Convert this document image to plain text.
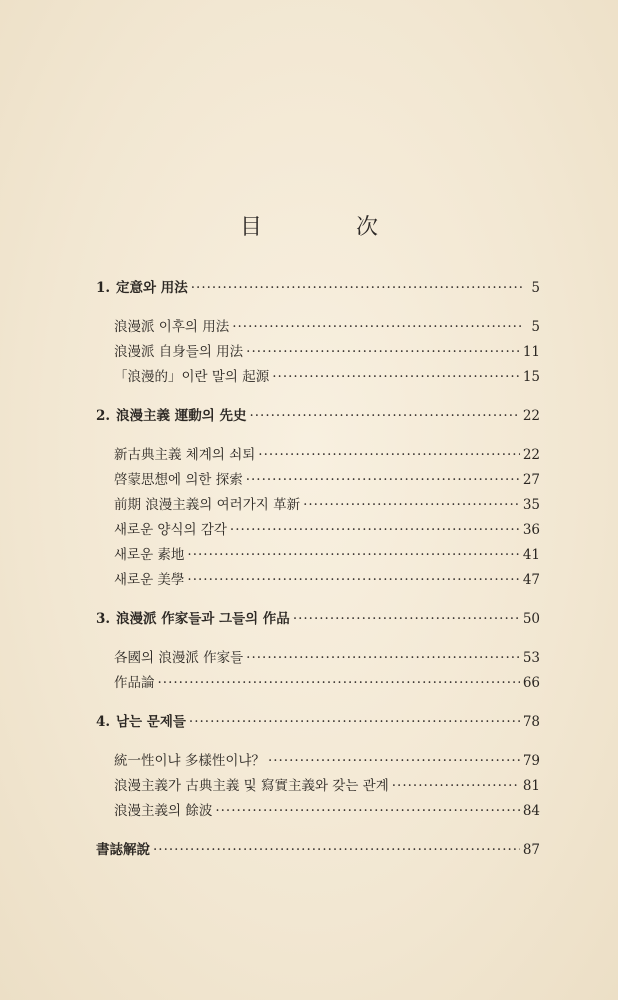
目　次
1. 定意와 用法 ·····	5
浪漫派 이후의 用法 ·····	5
浪漫派 自身들의 用法 ·····	11
「浪漫的」이란 말의 起源 ·····	15
2. 浪漫主義 運動의 先史 ·····	22
新古典主義 체계의 쇠퇴 ·····	22
啓蒙思想에 의한 探索 ·····	27
前期 浪漫主義의 여러가지 革新 ·····	35
새로운 양식의 감각 ·····	36
새로운 素地 ·····	41
새로운 美學 ·····	47
3. 浪漫派 作家들과 그들의 作品 ·····	50
各國의 浪漫派 作家들 ·····	53
作品論 ·····	66
4. 남는 문제들 ·····	78
統一性이냐 多樣性이냐？ ·····	79
浪漫主義가 古典主義 및 寫實主義와 갖는 관계 ·····	81
浪漫主義의 餘波 ·····	84
書誌解說 ·····	87
